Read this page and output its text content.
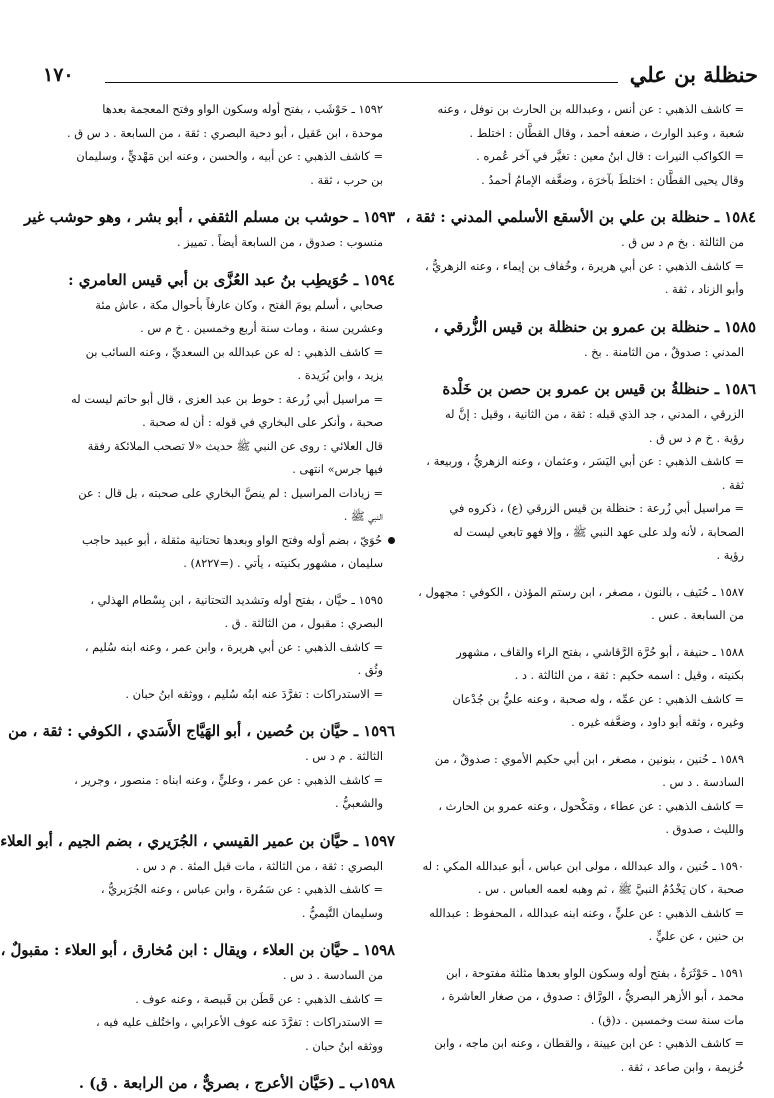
حنظلة بن علي
١٧٠
= كاشف الذهبي : عن أنس ، وعبدالله بن الحارث بن نوفل ، وعنه
شعبة ، وعبد الوارث ، ضعفه أحمد ، وقال القطَّان : اختلط .
= الكواكب النيرات : قال ابنُ معين : تغيَّر في آخر عُمره .
وقال يحيى القطَّان : اختلطَ بآخرَة ، وضعَّفه الإمامُ أحمدُ .
١٥٨٤ ـ حنظلة بن علي بن الأسقع الأسلمي المدني : ثقة ،
من الثالثة . بخ م د س ق .
= كاشف الذهبي : عن أبي هريرة ، وخُفاف بن إيماء ، وعنه الزهريُّ ،
وأبو الزناد ، ثقة .
١٥٨٥ ـ حنظلة بن عمرو بن حنظلة بن قيس الزُّرقي ،
المدني : صدوقٌ ، من الثامنة . بخ .
١٥٨٦ ـ حنظلةُ بن قيس بن عمرو بن حصن بن خَلْدة
الزرقي ، المدني ، جد الذي قبله : ثقة ، من الثانية ، وقيل : إنَّ له
رؤية . خ م د س ق .
= كاشف الذهبي : عن أبي اليَسَر ، وعثمان ، وعنه الزهريُّ ، وربيعة ،
ثقة .
= مراسيل أبي زُرعة : حنظلة بن قيس الزرقي (ع) ، ذكروه في
الصحابة ، لأنه ولد على عهد النبي ﷺ ، وإلا فهو تابعي ليست له
رؤية .
١٥٨٧ ـ حُنَيف ، بالنون ، مصغر ، ابن رستم المؤذن ، الكوفي : مجهول ،
من السابعة . عس .
١٥٨٨ ـ حنيفة ، أبو حُرَّة الرَّقاشي ، بفتح الراء والقاف ، مشهور
بكنيته ، وقيل : اسمه حكيم : ثقة ، من الثالثة . د .
= كاشف الذهبي : عن عمِّه ، وله صحبة ، وعنه عليُّ بن جُدْعان
وغيره ، وثقه أبو داود ، وضعَّفه غيره .
١٥٨٩ ـ حُنين ، بنونين ، مصغر ، ابن أبي حكيم الأموي : صدوقٌ ، من
السادسة . د س .
= كاشف الذهبي : عن عطاء ، ومَكْحول ، وعنه عمرو بن الحارث ،
والليث ، صدوق .
١٥٩٠ ـ حُنين ، والد عبدالله ، مولى ابن عباس ، أبو عبدالله المكي : له
صحبة ، كان يَخْدُمُ النبيَّ ﷺ ، ثم وهبه لعمه العباس . س .
= كاشف الذهبي : عن عليٍّ ، وعنه ابنه عبدالله ، المحفوظ : عبدالله
بن حنين ، عن عليٍّ .
١٥٩١ ـ حَوْثَرَةُ ، بفتح أوله وسكون الواو بعدها مثلثة مفتوحة ، ابن
محمد ، أبو الأزهر البصريُّ ، الورَّاق : صدوق ، من صغار العاشرة ،
مات سنة ست وخمسين . د(ق) .
= كاشف الذهبي : عن ابن عيينة ، والقطان ، وعنه ابن ماجه ، وابن
خُزيمة ، وابن صاعد ، ثقة .
١٥٩٢ ـ حَوْشَب ، بفتح أوله وسكون الواو وفتح المعجمة بعدها
موحدة ، ابن عَقيل ، أبو دحية البصري : ثقة ، من السابعة . د س ق .
= كاشف الذهبي : عن أبيه ، والحسن ، وعنه ابن مَهْديٍّ ، وسليمان
بن حرب ، ثقة .
١٥٩٣ ـ حوشب بن مسلم الثقفي ، أبو بشر ، وهو حوشب غير
منسوب : صدوق ، من السابعة أيضاً . تمييز .
١٥٩٤ ـ حُوَيطِب بنُ عبد العُزَّى بن أبي قيس العامري :
صحابي ، أسلم يومَ الفتح ، وكان عارفاً بأحوال مكة ، عاش مئة
وعشرين سنة ، ومات سنة أربع وخمسين . خ م س .
= كاشف الذهبي : له عن عبدالله بن السعديِّ ، وعنه السائب بن
يزيد ، وابن بُرَيدة .
= مراسيل أبي زُرعة : حوط بن عبد العزى ، قال أبو حاتم ليست له
صحبة ، وأنكر على البخاري في قوله : أن له صحبة .
قال العلائي : روى عن النبي ﷺ حديث «لا تصحب الملائكة رفقة
فيها جرس» انتهى .
= زيادات المراسيل : لم ينصَّ البخاري على صحبته ، بل قال : عن
النبي ﷺ .
حُوَيّ ، بضم أوله وفتح الواو وبعدها تحتانية مثقلة ، أبو عبيد حاجب
سليمان ، مشهور بكنيته ، يأتي . (=٨٢٢٧) .
١٥٩٥ ـ حيَّان ، بفتح أوله وتشديد التحتانية ، ابن بِسْطام الهذلي ،
البصري : مقبول ، من الثالثة . ق .
= كاشف الذهبي : عن أبي هريرة ، وابن عمر ، وعنه ابنه سُليم ،
وثُق .
= الاستدراكات : تفرَّدَ عنه ابنُه سُليم ، ووثقه ابنُ حبان .
١٥٩٦ ـ حيَّان بن حُصين ، أبو الهَيَّاج الأَسَدي ، الكوفي : ثقة ، من
الثالثة . م د س .
= كاشف الذهبي : عن عمر ، وعليٍّ ، وعنه ابناه : منصور ، وجرير ،
والشعبيُّ .
١٥٩٧ ـ حيَّان بن عمير القيسي ، الجُرَيري ، بضم الجيم ، أبو العلاء
البصري : ثقة ، من الثالثة ، مات قبل المئة . م د س .
= كاشف الذهبي : عن سَمُرة ، وابن عباس ، وعنه الجُرَيريُّ ،
وسليمان التَّيميُّ .
١٥٩٨ ـ حيَّان بن العلاء ، ويقال : ابن مُخارق ، أبو العلاء : مقبولٌ ،
من السادسة . د س .
= كاشف الذهبي : عن قَطَن بن قَبيصة ، وعنه عوف .
= الاستدراكات : تفرَّدَ عنه عوف الأعرابي ، واختُلف عليه فيه ،
ووثقه ابنُ حبان .
١٥٩٨ب ـ (حَيَّان الأعرج ، بصريٌّ ، من الرابعة . ق) .
